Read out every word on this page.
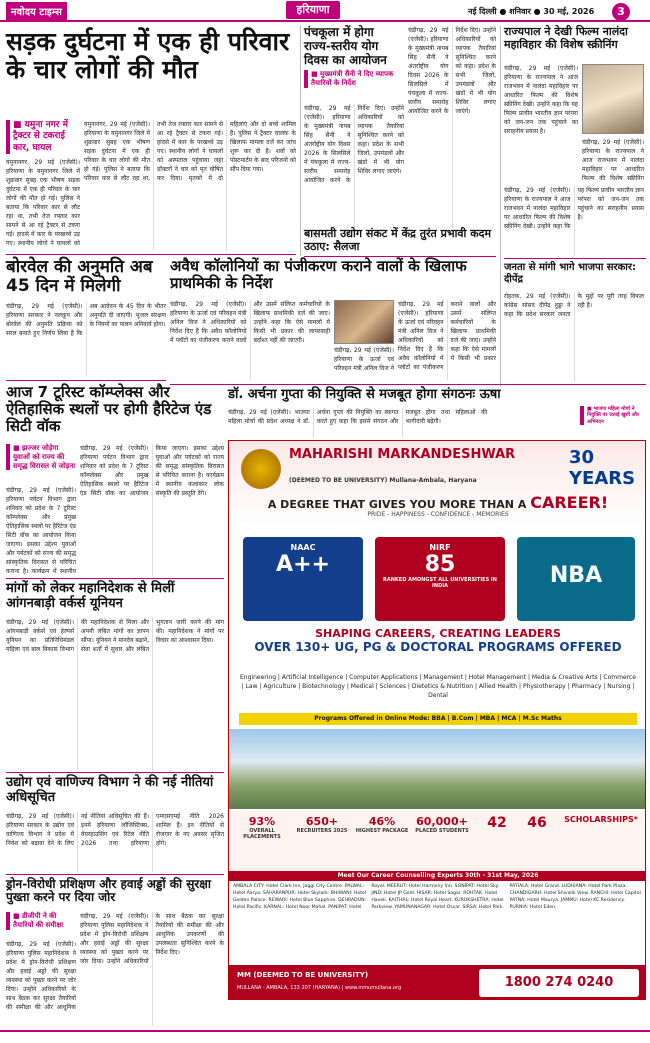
नवोदय टाइम्स	हरियाणा	नई दिल्ली ● शनिवार ● 30 मई, 2026	3
सड़क दुर्घटना में एक ही परिवार के चार लोगों की मौत
■ यमुना नगर में ट्रैक्टर से टकराई कार, घायल
यमुनानगर, 29 मई (एजेंसी)। हरियाणा के यमुनानगर जिले में शुक्रवार सुबह एक भीषण सड़क दुर्घटना में एक ही परिवार के चार लोगों की मौत हो गई। पुलिस ने बताया कि परिवार कार से लौट रहा था, तभी तेज रफ्तार कार सामने से आ रहे ट्रैक्टर से टकरा गई। हादसे में कार के परखच्चे उड़ गए। स्थानीय लोगों ने घायलों को
यमुनानगर, 29 मई (एजेंसी)। हरियाणा के यमुनानगर जिले में शुक्रवार सुबह एक भीषण सड़क दुर्घटना में एक ही परिवार के चार लोगों की मौत हो गई। पुलिस ने बताया कि परिवार कार से लौट रहा था, तभी तेज रफ्तार कार सामने से आ रहे ट्रैक्टर से टकरा गई। हादसे में कार के परखच्चे उड़ गए। स्थानीय लोगों ने घायलों को अस्पताल पहुंचाया जहां डॉक्टरों ने चार को मृत घोषित कर दिया। मृतकों में दो महिलाएं और दो बच्चे शामिल हैं। पुलिस ने ट्रैक्टर चालक के खिलाफ मामला दर्ज कर जांच शुरू कर दी है। शवों को पोस्टमार्टम के बाद परिजनों को सौंप दिया गया।
पंचकूला में होगा राज्य-स्तरीय योग दिवस का आयोजन
■ मुख्यमंत्री सैनी ने दिए व्यापक तैयारियों के निर्देश
चंडीगढ़, 29 मई (एजेंसी)। हरियाणा के मुख्यमंत्री नायब सिंह सैनी ने अंतर्राष्ट्रीय योग दिवस 2026 के सिलसिले में पंचकूला में राज्य-स्तरीय समारोह आयोजित करने के निर्देश दिए। उन्होंने अधिकारियों को व्यापक तैयारियां सुनिश्चित करने को कहा। प्रदेश के सभी जिलों, उपमंडलों और खंडों में भी योग शिविर लगाए जाएंगे।
चंडीगढ़, 29 मई (एजेंसी)। हरियाणा के मुख्यमंत्री नायब सिंह सैनी ने अंतर्राष्ट्रीय योग दिवस 2026 के सिलसिले में पंचकूला में राज्य-स्तरीय समारोह आयोजित करने के निर्देश दिए। उन्होंने अधिकारियों को व्यापक तैयारियां सुनिश्चित करने को कहा। प्रदेश के सभी जिलों, उपमंडलों और खंडों में भी योग शिविर लगाए जाएंगे।
राज्यपाल ने देखी फिल्म नालंदा महाविहार की विशेष स्क्रीनिंग
चंडीगढ़, 29 मई (एजेंसी)। हरियाणा के राज्यपाल ने आज राजभवन में नालंदा महाविहार पर आधारित फिल्म की विशेष स्क्रीनिंग देखी। उन्होंने कहा कि यह फिल्म प्राचीन भारतीय ज्ञान परंपरा को जन-जन तक पहुंचाने का सराहनीय प्रयास है।
चंडीगढ़, 29 मई (एजेंसी)। हरियाणा के राज्यपाल ने आज राजभवन में नालंदा महाविहार पर आधारित फिल्म की विशेष स्क्रीनिंग
चंडीगढ़, 29 मई (एजेंसी)। हरियाणा के राज्यपाल ने आज राजभवन में नालंदा महाविहार पर आधारित फिल्म की विशेष स्क्रीनिंग देखी। उन्होंने कहा कि यह फिल्म प्राचीन भारतीय ज्ञान परंपरा को जन-जन तक पहुंचाने का सराहनीय प्रयास है।
बोरवेल की अनुमति अब 45 दिन में मिलेगी
चंडीगढ़, 29 मई (एजेंसी)। हरियाणा सरकार ने नलकूप और बोरवेल की अनुमति प्रक्रिया को सरल बनाते हुए निर्णय लिया है कि अब आवेदन के 45 दिन के भीतर अनुमति दी जाएगी। भूजल संरक्षण के नियमों का पालन अनिवार्य होगा।
अवैध कॉलोनियों का पंजीकरण कराने वालों के खिलाफ प्राथमिकी के निर्देश
चंडीगढ़, 29 मई (एजेंसी)। हरियाणा के ऊर्जा एवं परिवहन मंत्री अनिल विज ने अधिकारियों को निर्देश दिए हैं कि अवैध कॉलोनियों में प्लॉटों का पंजीकरण कराने वालों और उसमें संलिप्त कर्मचारियों के खिलाफ प्राथमिकी दर्ज की जाए। उन्होंने कहा कि ऐसे मामलों में किसी भी प्रकार की लापरवाही बर्दाश्त नहीं की जाएगी।
चंडीगढ़, 29 मई (एजेंसी)। हरियाणा के ऊर्जा एवं परिवहन मंत्री अनिल विज ने अधिकारियों को निर्देश दिए हैं कि अवैध कॉलोनियों में प्लॉटों का पंजीकरण कराने वालों और उसमें संलिप्त कर्मचारियों के खिलाफ प्राथमिकी दर्ज की जाए। उन्होंने कहा कि ऐसे मामलों में किसी भी प्रकार
चंडीगढ़, 29 मई (एजेंसी)। हरियाणा के ऊर्जा एवं परिवहन मंत्री अनिल विज ने
डॉ. अर्चना गुप्ता की नियुक्ति से मजबूत होगा संगठनः ऊषा
चंडीगढ़, 29 मई (एजेंसी)। भाजपा महिला मोर्चा की प्रदेश अध्यक्ष ने डॉ. अर्चना गुप्ता की नियुक्ति का स्वागत करते हुए कहा कि इससे संगठन और मजबूत होगा तथा महिलाओं की भागीदारी बढ़ेगी।
आज 7 टूरिस्ट कॉम्प्लेक्स और ऐतिहासिक स्थलों पर होगी हैरिटेज एंड सिटी वॉक
■ झज्जर जोड़ेगा युवाओं को राज्य की समृद्ध विरासत से जोड़ना
चंडीगढ़, 29 मई (एजेंसी)। हरियाणा पर्यटन विभाग द्वारा शनिवार को प्रदेश के 7 टूरिस्ट कॉम्प्लेक्स और प्रमुख ऐतिहासिक स्थलों पर हैरिटेज एंड सिटी वॉक का आयोजन किया जाएगा। इसका उद्देश्य युवाओं और पर्यटकों को राज्य की समृद्ध सांस्कृतिक विरासत से परिचित कराना है। कार्यक्रम में स्थानीय
चंडीगढ़, 29 मई (एजेंसी)। हरियाणा पर्यटन विभाग द्वारा शनिवार को प्रदेश के 7 टूरिस्ट कॉम्प्लेक्स और प्रमुख ऐतिहासिक स्थलों पर हैरिटेज एंड सिटी वॉक का आयोजन किया जाएगा। इसका उद्देश्य युवाओं और पर्यटकों को राज्य की समृद्ध सांस्कृतिक विरासत से परिचित कराना है। कार्यक्रम में स्थानीय कलाकार लोक संस्कृति की प्रस्तुति देंगे।
मांगों को लेकर महानिदेशक से मिलीं आंगनबाड़ी वर्कर्स यूनियन
चंडीगढ़, 29 मई (एजेंसी)। आंगनबाड़ी वर्कर्स एवं हेल्पर्स यूनियन का प्रतिनिधिमंडल महिला एवं बाल विकास विभाग की महानिदेशक से मिला और अपनी लंबित मांगों का ज्ञापन सौंपा। यूनियन ने मानदेय बढ़ाने, सेवा शर्तों में सुधार और लंबित भुगतान जारी करने की मांग की। महानिदेशक ने मांगों पर विचार का आश्वासन दिया।
उद्योग एवं वाणिज्य विभाग ने की नई नीतियां अधिसूचित
चंडीगढ़, 29 मई (एजेंसी)। हरियाणा सरकार के उद्योग एवं वाणिज्य विभाग ने प्रदेश में निवेश को बढ़ावा देने के लिए नई नीतियां अधिसूचित की हैं। इनमें हरियाणा लॉजिस्टिक्स, वेयरहाउसिंग एवं रिटेल नीति 2026 तथा हरियाणा एमएसएमई नीति 2026 शामिल हैं। इन नीतियों से रोजगार के नए अवसर सृजित होंगे।
ड्रोन-विरोधी प्रशिक्षण और हवाई अड्डों की सुरक्षा पुख्ता करने पर दिया जोर
■ डीजीपी ने की तैयारियों की समीक्षा
चंडीगढ़, 29 मई (एजेंसी)। हरियाणा पुलिस महानिदेशक ने प्रदेश में ड्रोन-विरोधी प्रशिक्षण और हवाई अड्डों की सुरक्षा व्यवस्था को पुख्ता करने पर जोर दिया। उन्होंने अधिकारियों के साथ बैठक कर सुरक्षा तैयारियों की समीक्षा की और आधुनिक
चंडीगढ़, 29 मई (एजेंसी)। हरियाणा पुलिस महानिदेशक ने प्रदेश में ड्रोन-विरोधी प्रशिक्षण और हवाई अड्डों की सुरक्षा व्यवस्था को पुख्ता करने पर जोर दिया। उन्होंने अधिकारियों के साथ बैठक कर सुरक्षा तैयारियों की समीक्षा की और आधुनिक उपकरणों की उपलब्धता सुनिश्चित करने के निर्देश दिए।
MAHARISHI MARKANDESHWAR
(DEEMED TO BE UNIVERSITY) Mullana-Ambala, Haryana
30 YEARS
A DEGREE THAT GIVES YOU MORE THAN A CAREER!
PRIDE - HAPPINESS - CONFIDENCE - MEMORIES
NAAC
A++
NIRF
85
RANKED AMONGST ALL UNIVERSITIES IN INDIA	NBA
SHAPING CAREERS, CREATING LEADERS
OVER 130+ UG, PG & DOCTORAL PROGRAMS OFFERED
Engineering | Artificial Intelligence | Computer Applications | Management | Hotel Management | Media & Creative Arts | Commerce | Law | Agriculture | Biotechnology | Medical | Sciences | Dietetics & Nutrition | Allied Health | Physiotherapy | Pharmacy | Nursing | Dental
Programs Offered in Online Mode: BBA | B.Com | MBA | MCA | M.Sc Maths
93%
OVERALL PLACEMENTS
650+
RECRUITERS 2025
46%
HIGHEST PACKAGE
60,000+
PLACED STUDENTS	42	46	SCHOLARSHIPS*
Meet Our Career Counselling Experts 30th - 31st May, 2026
AMBALA CITY: Hotel Clark Inn, Jaggi City Centre. PALWAL: Hotel Aarya. SAHARANPUR: Hotel Skylark. BHIWANI: Hotel Golden Palace. REWARI: Hotel Blue Sapphire. DEHRADUN: Hotel Pacific. KARNAL: Hotel Noor Mahal. PANIPAT: Hotel Royal. MEERUT: Hotel Harmony Inn. SONIPAT: Hotel Sky. JIND: Hotel JP Gold. HISAR: Hotel Sagar. ROHTAK: Hotel Haveli. KAITHAL: Hotel Royal Heart. KURUKSHETRA: Hotel Parkview. YAMUNANAGAR: Hotel Oscar. SIRSA: Hotel Park. PATIALA: Hotel Grand. LUDHIANA: Hotel Park Plaza. CHANDIGARH: Hotel Shivalik View. RANCHI: Hotel Capitol. PATNA: Hotel Maurya. JAMMU: Hotel KC Residency. PURNIA: Hotel Eden.
MM (DEEMED TO BE UNIVERSITY)
MULLANA - AMBALA, 133 207 (HARYANA) | www.mmumullana.org	1800 274 0240
जनता से मांगी भागे भाजपा सरकार: दीपेंद्र
रोहतक, 29 मई (एजेंसी)। कांग्रेस सांसद दीपेंद्र हुड्डा ने कहा कि प्रदेश सरकार जनता के मुद्दों पर पूरी तरह विफल रही है।
बासमती उद्योग संकट में केंद्र तुरंत प्रभावी कदम उठाए: सैलजा
■ भाजपा महिला मोर्चा ने नियुक्ति पर जताई खुशी और अभिनंदन
